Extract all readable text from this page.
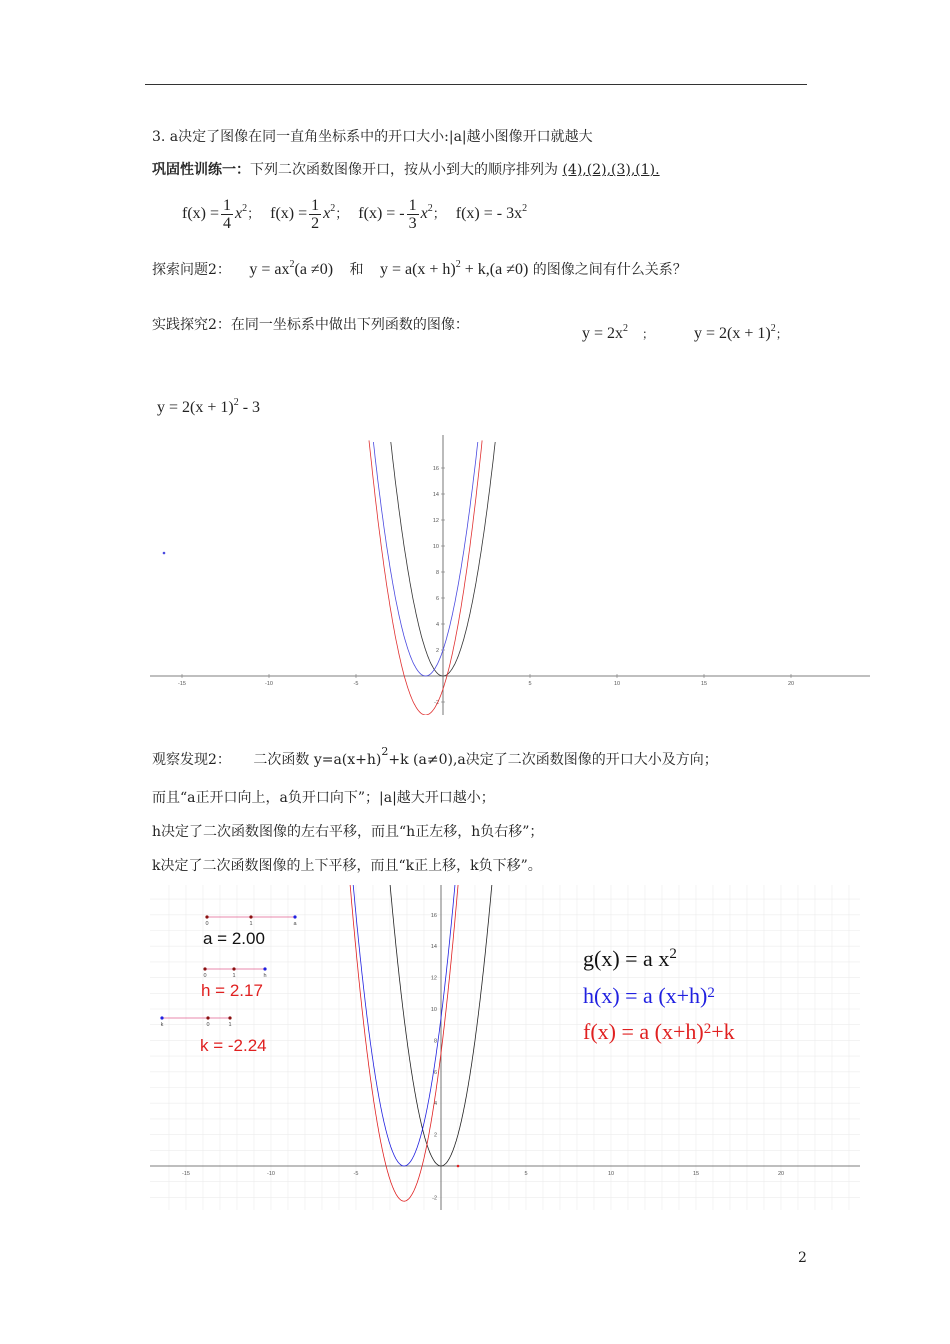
3. a决定了图像在同一直角坐标系中的开口大小:|a|越小图像开口就越大
巩固性训练一：下列二次函数图像开口，按从小到大的顺序排列为 (4),(2),(3),(1).
$f(x) = \frac{1}{4} x^2$； $f(x) = \frac{1}{2} x^2$； f(x) = - $\frac{1}{3} x^2$； f(x) = - $3x^2$
探索问题2： $y = ax^2(a \ne 0)$ 和 $y = a(x + h)^2 + k,(a \ne 0)$ 的图像之间有什么关系？
实践探究2：在同一坐标系中做出下列函数的图像：	$y = 2x^2$ ； $y = 2(x + 1)^2$；
$y = 2(x + 1)^2 - 3$
-15	-10	-5	5	10	15	20
-2
2
4
6
8
10
12
14
16
观察发现2： 二次函数 $y=a(x+h)^2+k$ (a≠0),a决定了二次函数图像的开口大小及方向；
而且“a正开口向上，a负开口向下”；|a|越大开口越小；
h决定了二次函数图像的左右平移，而且“h正左移，h负右移”；
k决定了二次函数图像的上下平移，而且“k正上移，k负下移”。
-15	-10	-5	5	10	15	20
-2
2
4
6
8
10
12
14
16
0	1	a
0	1	h
k	0	1
a = 2.00
h = 2.17
k = -2.24
g(x) = a $x^2$
h(x) = a $(x+h)^2$
f(x) = a $(x+h)^2+k$
2
